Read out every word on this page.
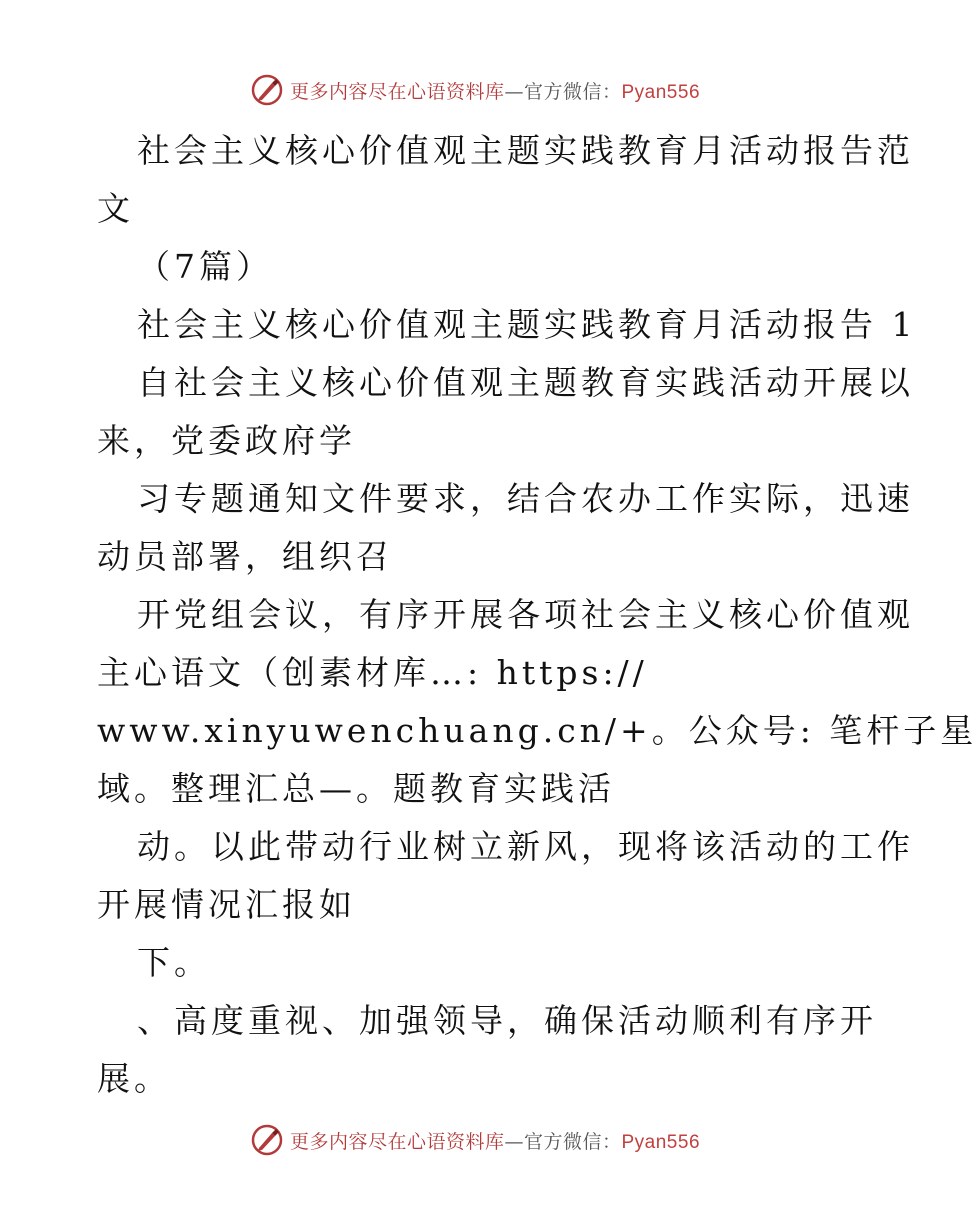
更多内容尽在心语资料库—官方微信：Pyan556
社会主义核心价值观主题实践教育月活动报告范
文
（7篇）
社会主义核心价值观主题实践教育月活动报告 1
自社会主义核心价值观主题教育实践活动开展以
来，党委政府学
习专题通知文件要求，结合农办工作实际，迅速
动员部署，组织召
开党组会议，有序开展各项社会主义核心价值观
主心语文（创素材库…: https://
www.xinyuwenchuang.cn/+。公众号: 笔杆子星
域。整理汇总—。题教育实践活
动。以此带动行业树立新风，现将该活动的工作
开展情况汇报如
下。
、高度重视、加强领导，确保活动顺利有序开
展。
更多内容尽在心语资料库—官方微信：Pyan556
